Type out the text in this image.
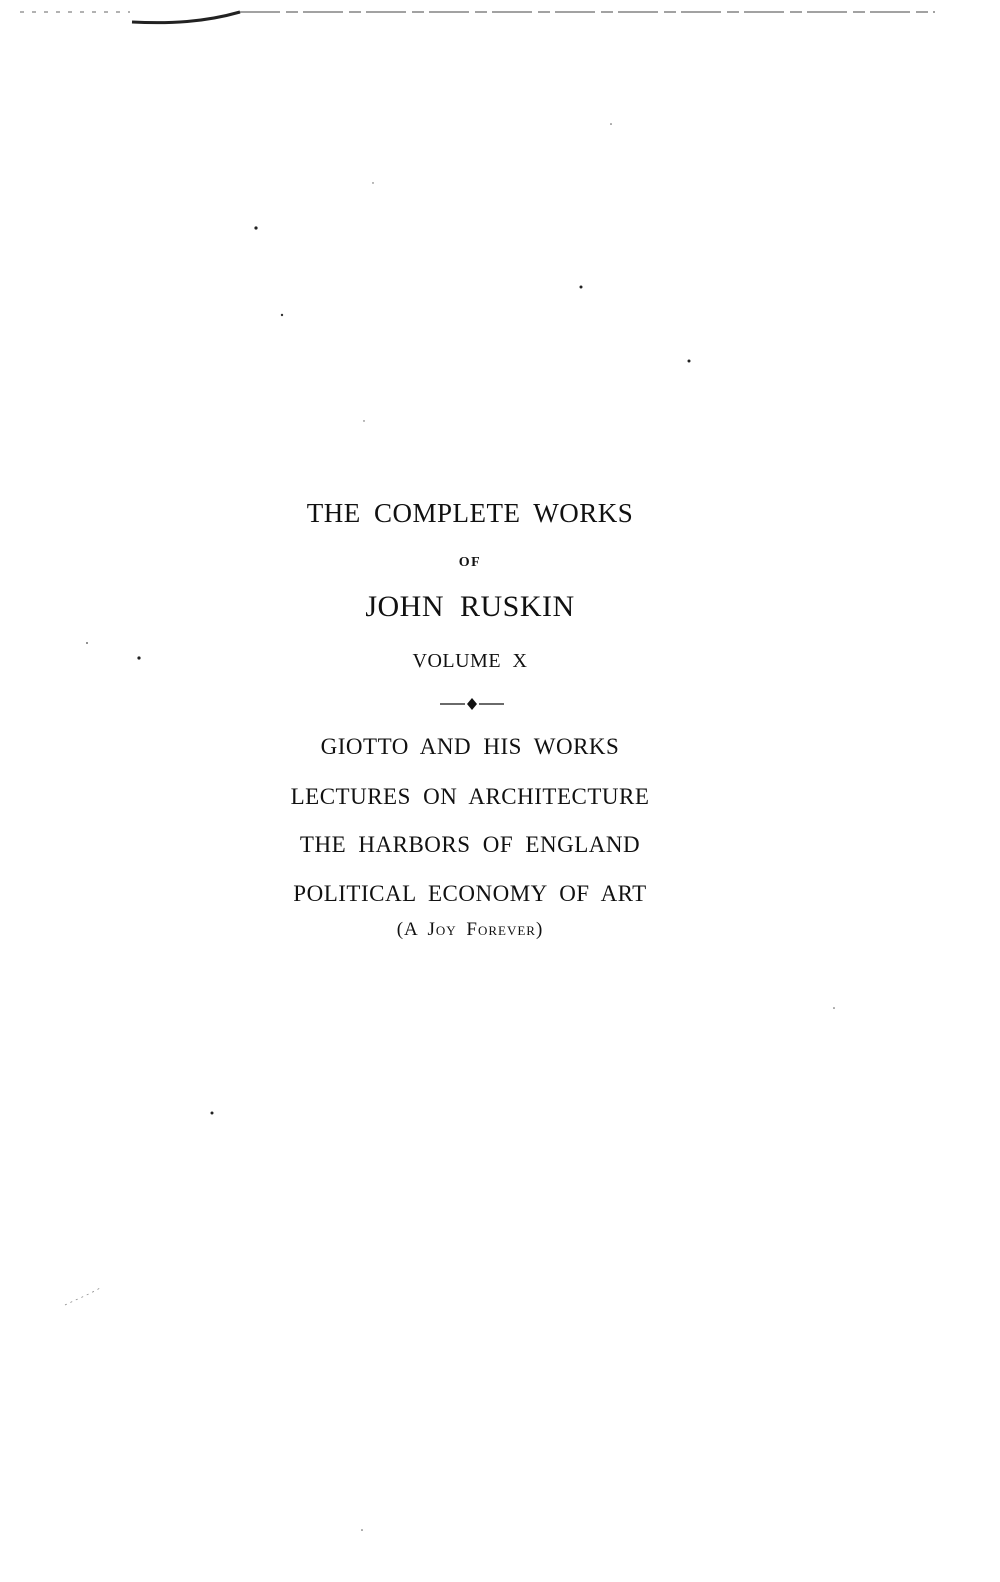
THE COMPLETE WORKS
OF
JOHN RUSKIN
VOLUME X
GIOTTO AND HIS WORKS
LECTURES ON ARCHITECTURE
THE HARBORS OF ENGLAND
POLITICAL ECONOMY OF ART
(A Joy Forever)
